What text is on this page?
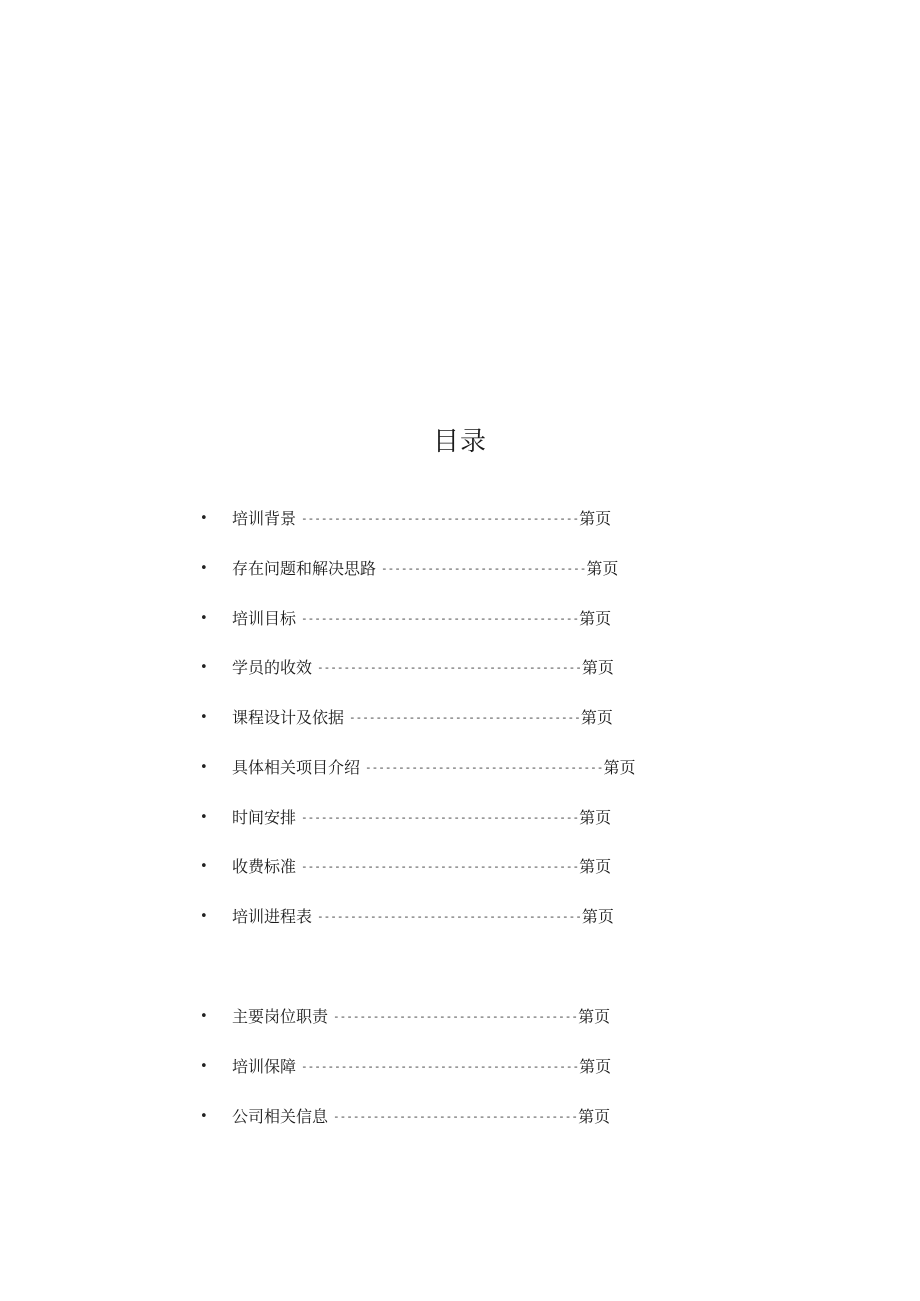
目录
•	培训背景 ------------------------------------------ 第页
•	存在问题和解决思路 ------------------------------- 第页
•	培训目标 ------------------------------------------ 第页
•	学员的收效 ---------------------------------------- 第页
•	课程设计及依据 ----------------------------------- 第页
•	具体相关项目介绍 ------------------------------------ 第页
•	时间安排 ------------------------------------------ 第页
•	收费标准 ------------------------------------------ 第页
•	培训进程表 ---------------------------------------- 第页
•	主要岗位职责 ------------------------------------- 第页
•	培训保障 ------------------------------------------ 第页
•	公司相关信息 ------------------------------------- 第页
